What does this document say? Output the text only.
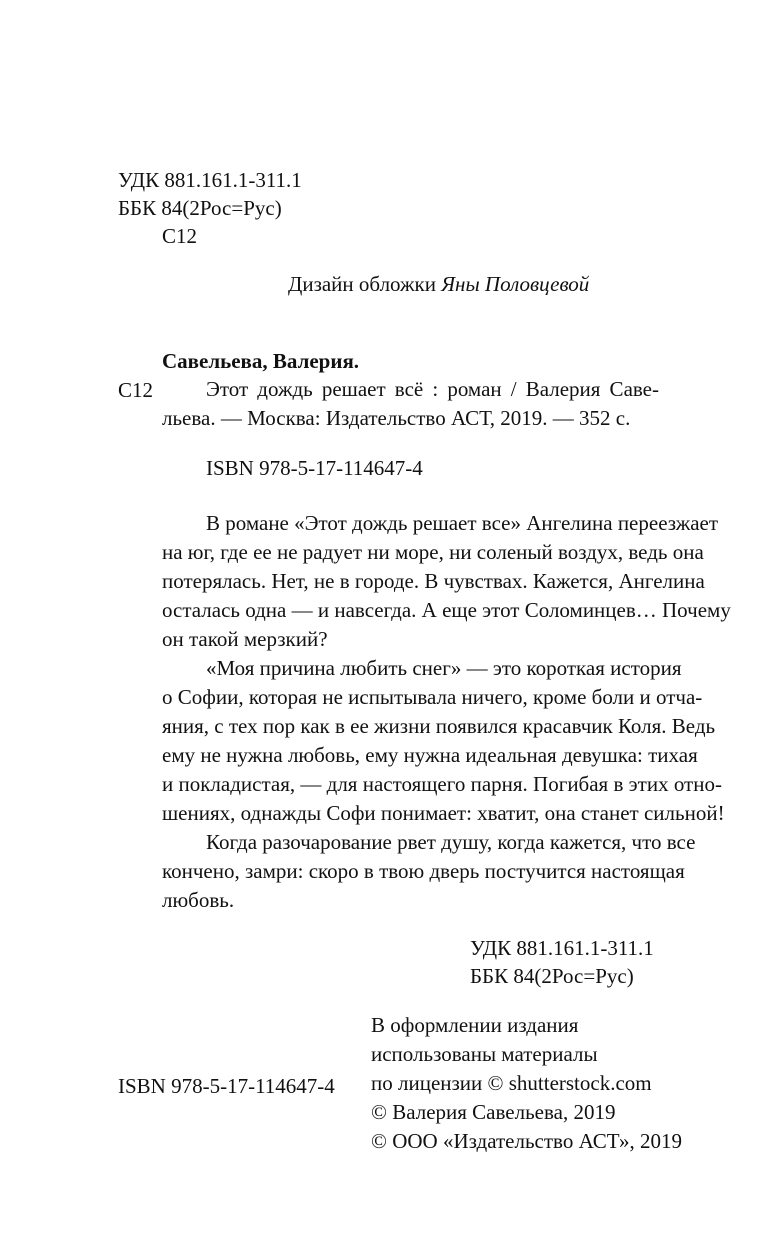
УДК 881.161.1-311.1
ББК 84(2Рос=Рус)
С12
Дизайн обложки Яны Половцевой
Савельева, Валерия.
С12	Этот дождь решает всё : роман / Валерия Саве-
льева. — Москва: Издательство АСТ, 2019. — 352 с.
ISBN 978-5-17-114647-4
В романе «Этот дождь решает все» Ангелина переезжает
на юг, где ее не радует ни море, ни соленый воздух, ведь она
потерялась. Нет, не в городе. В чувствах. Кажется, Ангелина
осталась одна — и навсегда. А еще этот Соломинцев… Почему
он такой мерзкий?
«Моя причина любить снег» — это короткая история
о Софии, которая не испытывала ничего, кроме боли и отча-
яния, с тех пор как в ее жизни появился красавчик Коля. Ведь
ему не нужна любовь, ему нужна идеальная девушка: тихая
и покладистая, — для настоящего парня. Погибая в этих отно-
шениях, однажды Софи понимает: хватит, она станет сильной!
Когда разочарование рвет душу, когда кажется, что все
кончено, замри: скоро в твою дверь постучится настоящая
любовь.
УДК 881.161.1-311.1
ББК 84(2Рос=Рус)
В оформлении издания
использованы материалы
по лицензии © shutterstock.com
© Валерия Савельева, 2019
© ООО «Издательство АСТ», 2019
ISBN 978-5-17-114647-4
